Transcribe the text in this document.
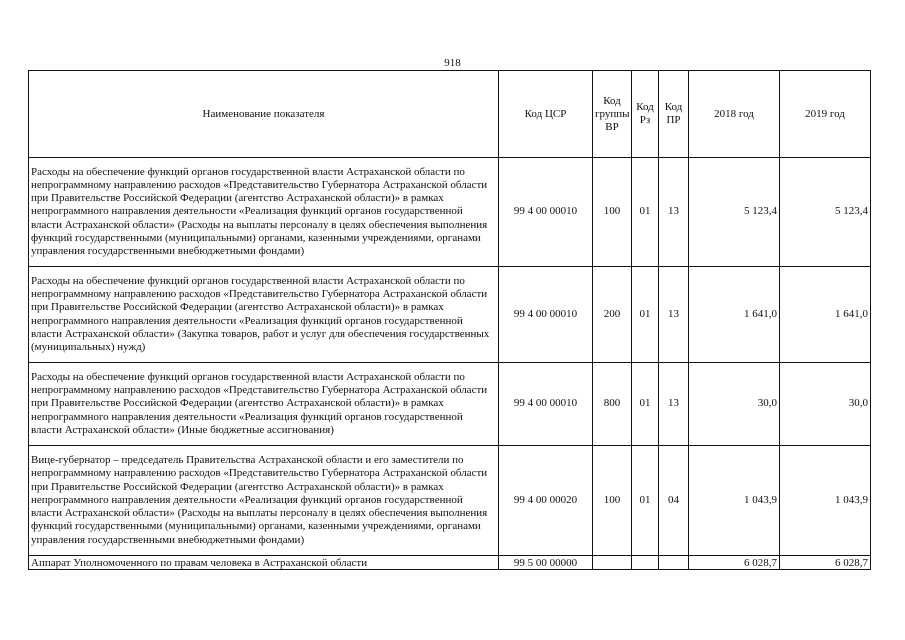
918
Наименование показателя	Код ЦСР	Код группы ВР	Код Рз	Код ПР	2018 год	2019 год
Расходы на обеспечение функций органов государственной власти Астраханской области по непрограммному направлению расходов «Представительство Губернатора Астраханской области при Правительстве Российской Федерации (агентство Астраханской области)» в рамках непрограммного направления деятельности «Реализация функций органов государственной власти Астраханской области» (Расходы на выплаты персоналу в целях обеспечения выполнения функций государственными (муниципальными) органами, казенными учреждениями, органами управления государственными внебюджетными фондами)	99 4 00 00010	100	01	13	5 123,4	5 123,4
Расходы на обеспечение функций органов государственной власти Астраханской области по непрограммному направлению расходов «Представительство Губернатора Астраханской области при Правительстве Российской Федерации (агентство Астраханской области)» в рамках непрограммного направления деятельности «Реализация функций органов государственной власти Астраханской области» (Закупка товаров, работ и услуг для обеспечения государственных (муниципальных) нужд)	99 4 00 00010	200	01	13	1 641,0	1 641,0
Расходы на обеспечение функций органов государственной власти Астраханской области по непрограммному направлению расходов «Представительство Губернатора Астраханской области при Правительстве Российской Федерации (агентство Астраханской области)» в рамках непрограммного направления деятельности «Реализация функций органов государственной власти Астраханской области» (Иные бюджетные ассигнования)	99 4 00 00010	800	01	13	30,0	30,0
Вице-губернатор – председатель Правительства Астраханской области и его заместители по непрограммному направлению расходов «Представительство Губернатора Астраханской области при Правительстве Российской Федерации (агентство Астраханской области)» в рамках непрограммного направления деятельности «Реализация функций органов государственной власти Астраханской области» (Расходы на выплаты персоналу в целях обеспечения выполнения функций государственными (муниципальными) органами, казенными учреждениями, органами управления государственными внебюджетными фондами)	99 4 00 00020	100	01	04	1 043,9	1 043,9
Аппарат Уполномоченного по правам человека в Астраханской области	99 5 00 00000				6 028,7	6 028,7
